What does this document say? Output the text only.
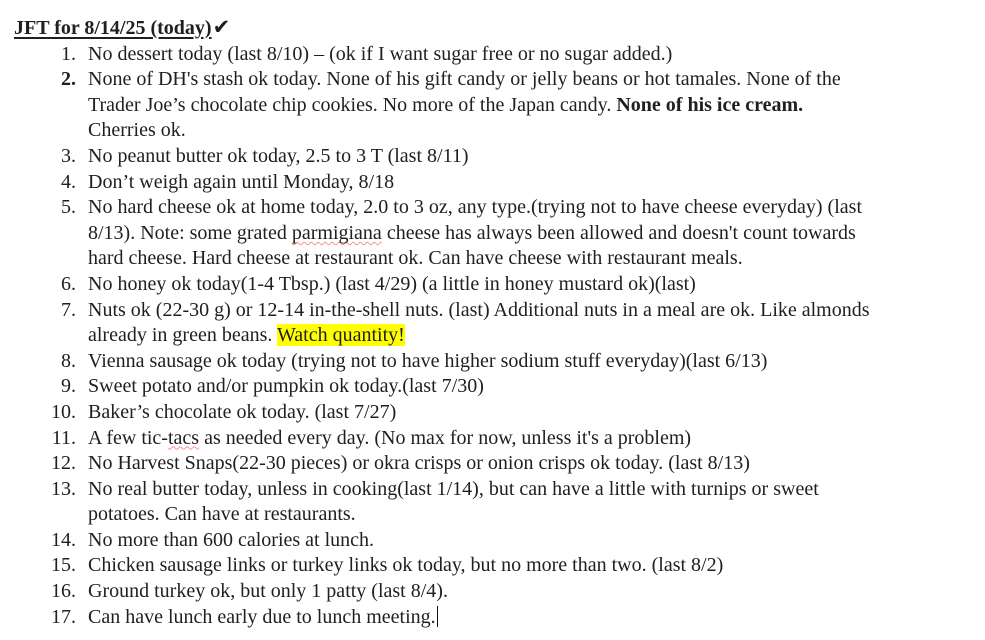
JFT for 8/14/25 (today)✔
1. No dessert today (last 8/10) – (ok if I want sugar free or no sugar added.)
2. None of DH's stash ok today. None of his gift candy or jelly beans or hot tamales. None of the
Trader Joe’s chocolate chip cookies. No more of the Japan candy. None of his ice cream.
Cherries ok.
3. No peanut butter ok today, 2.5 to 3 T (last 8/11)
4. Don’t weigh again until Monday, 8/18
5. No hard cheese ok at home today, 2.0 to 3 oz, any type.(trying not to have cheese everyday) (last
8/13). Note: some grated parmigiana cheese has always been allowed and doesn't count towards
hard cheese. Hard cheese at restaurant ok. Can have cheese with restaurant meals.
6. No honey ok today(1-4 Tbsp.) (last 4/29) (a little in honey mustard ok)(last)
7. Nuts ok (22-30 g) or 12-14 in-the-shell nuts. (last) Additional nuts in a meal are ok. Like almonds
already in green beans. Watch quantity!
8. Vienna sausage ok today (trying not to have higher sodium stuff everyday)(last 6/13)
9. Sweet potato and/or pumpkin ok today.(last 7/30)
10. Baker’s chocolate ok today. (last 7/27)
11. A few tic-tacs as needed every day. (No max for now, unless it's a problem)
12. No Harvest Snaps(22-30 pieces) or okra crisps or onion crisps ok today. (last 8/13)
13. No real butter today, unless in cooking(last 1/14), but can have a little with turnips or sweet
potatoes. Can have at restaurants.
14. No more than 600 calories at lunch.
15. Chicken sausage links or turkey links ok today, but no more than two. (last 8/2)
16. Ground turkey ok, but only 1 patty (last 8/4).
17. Can have lunch early due to lunch meeting.
